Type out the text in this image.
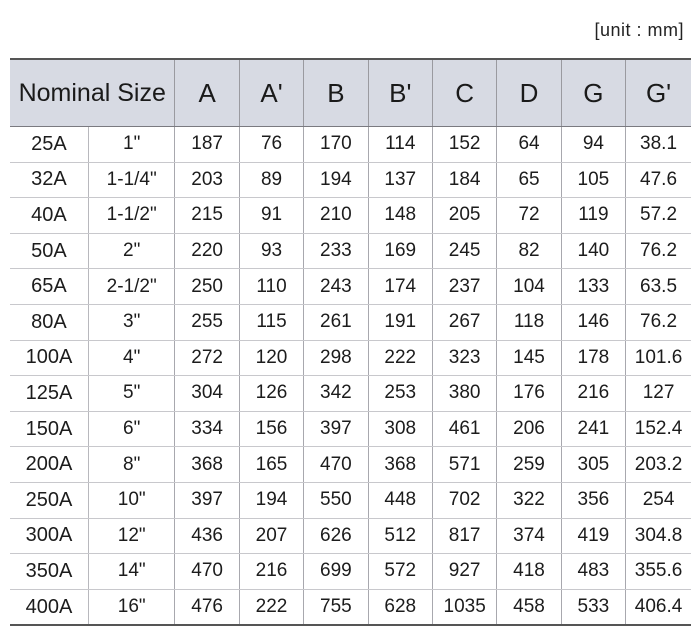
[unit : mm]
Nominal Size		A	A'	B	B'	C	D	G	G'
25A	1"	187	76	170	114	152	64	94	38.1
32A	1-1/4"	203	89	194	137	184	65	105	47.6
40A	1-1/2"	215	91	210	148	205	72	119	57.2
50A	2"	220	93	233	169	245	82	140	76.2
65A	2-1/2"	250	110	243	174	237	104	133	63.5
80A	3"	255	115	261	191	267	118	146	76.2
100A	4"	272	120	298	222	323	145	178	101.6
125A	5"	304	126	342	253	380	176	216	127
150A	6"	334	156	397	308	461	206	241	152.4
200A	8"	368	165	470	368	571	259	305	203.2
250A	10"	397	194	550	448	702	322	356	254
300A	12"	436	207	626	512	817	374	419	304.8
350A	14"	470	216	699	572	927	418	483	355.6
400A	16"	476	222	755	628	1035	458	533	406.4
